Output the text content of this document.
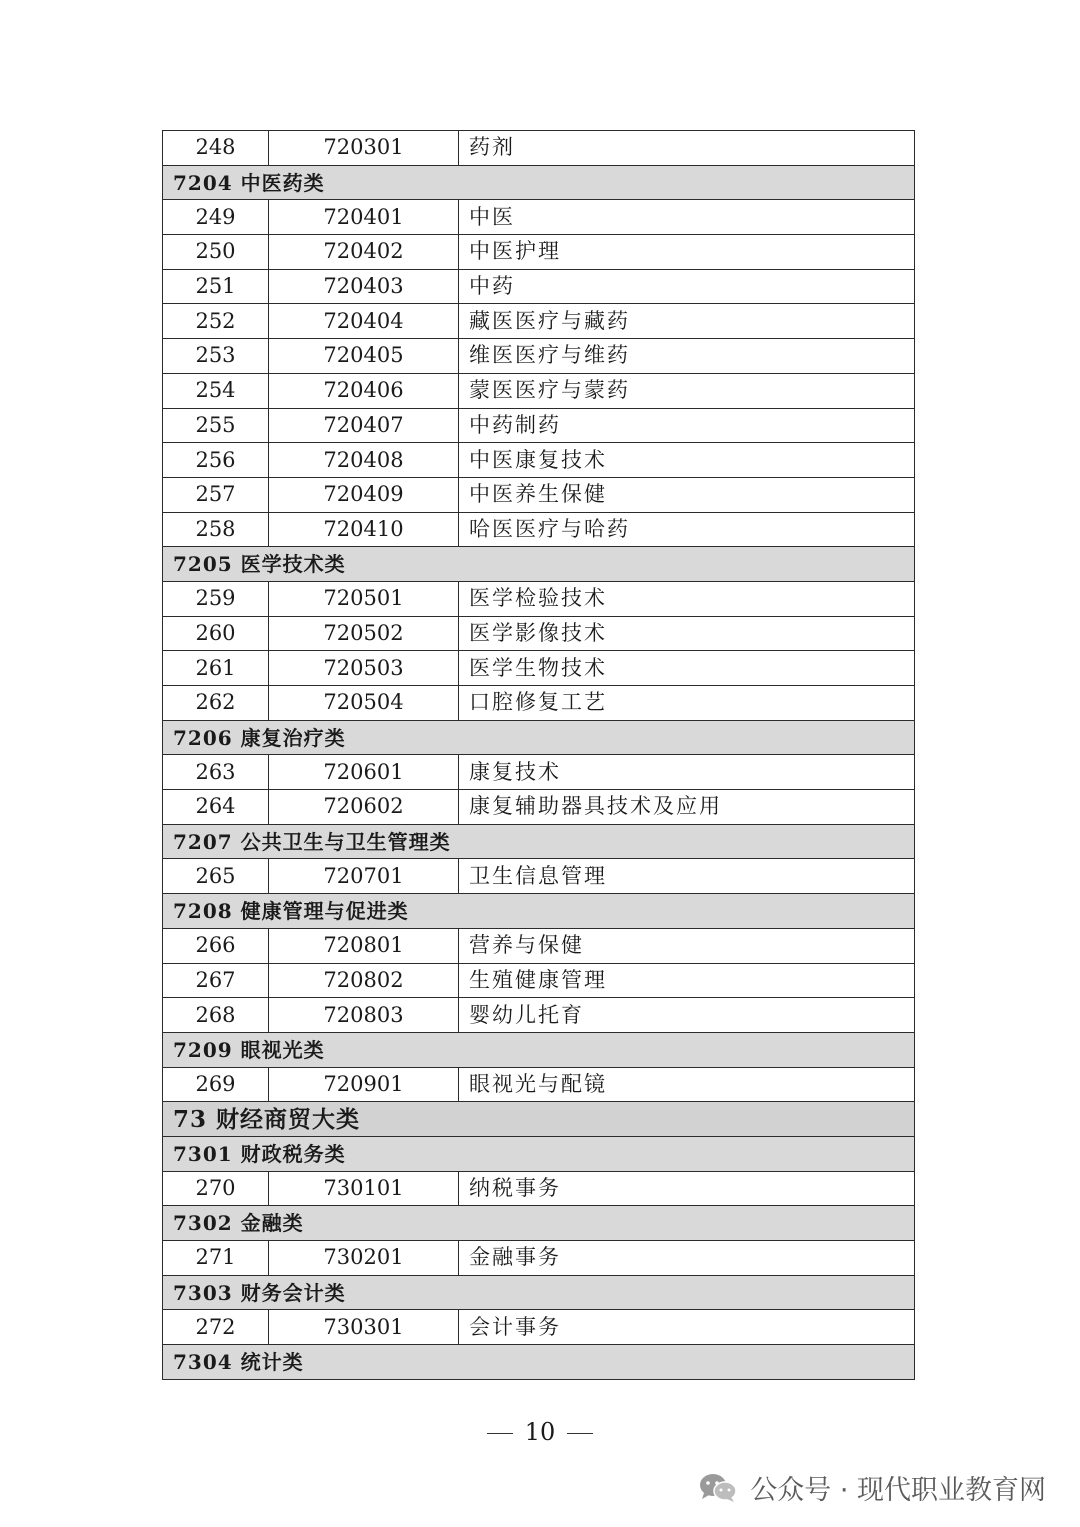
248	720301	药剂
7204 中医药类		
249	720401	中医
250	720402	中医护理
251	720403	中药
252	720404	藏医医疗与藏药
253	720405	维医医疗与维药
254	720406	蒙医医疗与蒙药
255	720407	中药制药
256	720408	中医康复技术
257	720409	中医养生保健
258	720410	哈医医疗与哈药
7205 医学技术类		
259	720501	医学检验技术
260	720502	医学影像技术
261	720503	医学生物技术
262	720504	口腔修复工艺
7206 康复治疗类		
263	720601	康复技术
264	720602	康复辅助器具技术及应用
7207 公共卫生与卫生管理类		
265	720701	卫生信息管理
7208 健康管理与促进类		
266	720801	营养与保健
267	720802	生殖健康管理
268	720803	婴幼儿托育
7209 眼视光类		
269	720901	眼视光与配镜
73 财经商贸大类		
7301 财政税务类		
270	730101	纳税事务
7302 金融类		
271	730201	金融事务
7303 财务会计类		
272	730301	会计事务
7304 统计类		
10
公众号 · 现代职业教育网
